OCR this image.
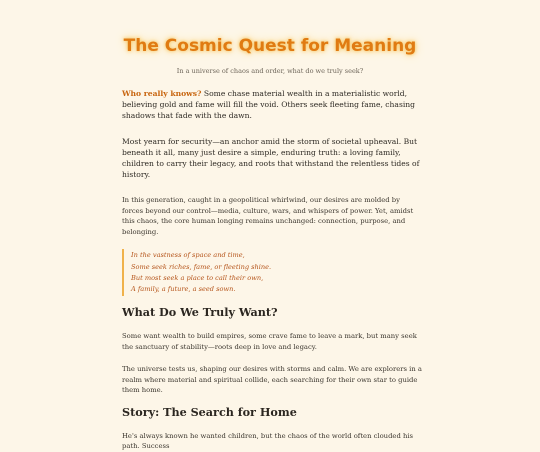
The Cosmic Quest for Meaning

In a universe of chaos and order, what do we truly seek?

Who really knows? Some chase material wealth in a materialistic world, believing gold and fame will fill the void. Others seek fleeting fame, chasing shadows that fade with the dawn.

Most yearn for security—an anchor amid the storm of societal upheaval. But beneath it all, many just desire a simple, enduring truth: a loving family, children to carry their legacy, and roots that withstand the relentless tides of history.

In this generation, caught in a geopolitical whirlwind, our desires are molded by forces beyond our control—media, culture, wars, and whispers of power. Yet, amidst this chaos, the core human longing remains unchanged: connection, purpose, and belonging.

In the vastness of space and time,
Some seek riches, fame, or fleeting shine.
But most seek a place to call their own,
A family, a future, a seed sown.
What Do We Truly Want?

Some want wealth to build empires, some crave fame to leave a mark, but many seek the sanctuary of stability—roots deep in love and legacy.

The universe tests us, shaping our desires with storms and calm. We are explorers in a realm where material and spiritual collide, each searching for their own star to guide them home.

Story: The Search for Home

He's always known he wanted children, but the chaos of the world often clouded his path. Success
